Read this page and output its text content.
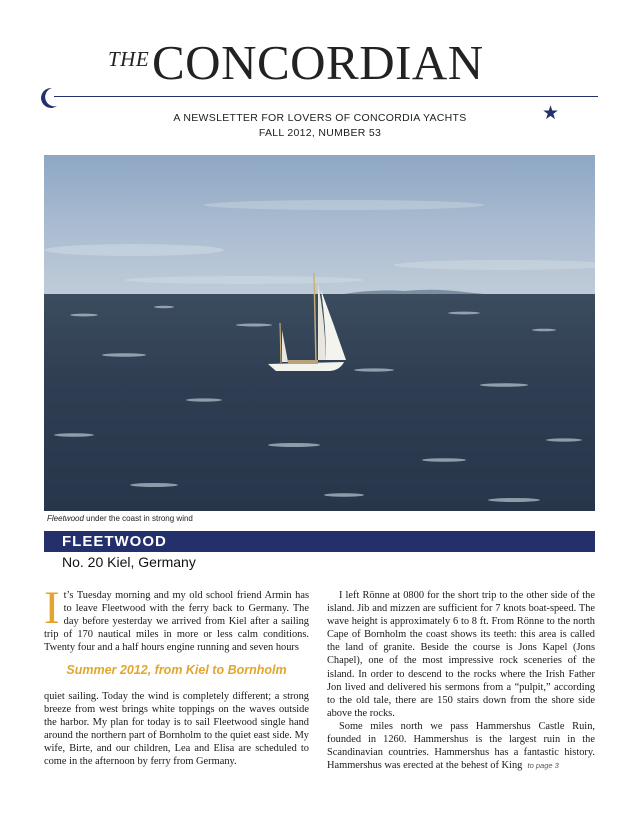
THE CONCORDIAN
★
A NEWSLETTER FOR LOVERS OF CONCORDIA YACHTS
FALL 2012, NUMBER 53
Fleetwood under the coast in strong wind
FLEETWOOD
No. 20 Kiel, Germany
I t’s Tuesday morning and my old school friend Armin has to leave Fleetwood with the ferry back to Germany. The day before yesterday we arrived from Kiel after a sailing trip of 170 nautical miles in more or less calm conditions. Twenty four and a half hours engine running and seven hours

Summer 2012, from Kiel to Bornholm

quiet sailing. Today the wind is completely different; a strong breeze from west brings white toppings on the waves outside the harbor. My plan for today is to sail Fleetwood single hand around the northern part of Bornholm to the quiet east side. My wife, Birte, and our children, Lea and Elisa are scheduled to come in the afternoon by ferry from Germany.

I left Rönne at 0800 for the short trip to the other side of the island. Jib and mizzen are sufficient for 7 knots boat-speed. The wave height is approximately 6 to 8 ft. From Rönne to the north Cape of Bornholm the coast shows its teeth: this area is called the land of granite. Beside the course is Jons Kapel (Jons Chapel), one of the most impressive rock sceneries of the island. In order to descend to the rocks where the Irish Father Jon lived and delivered his sermons from a “pulpit,” according to the old tale, there are 150 stairs down from the shore side above the rocks.

Some miles north we pass Hammershus Castle Ruin, founded in 1260. Hammershus is the largest ruin in the Scandinavian countries. Hammershus has a fantastic history. Hammershus was erected at the behest of King to page 3
